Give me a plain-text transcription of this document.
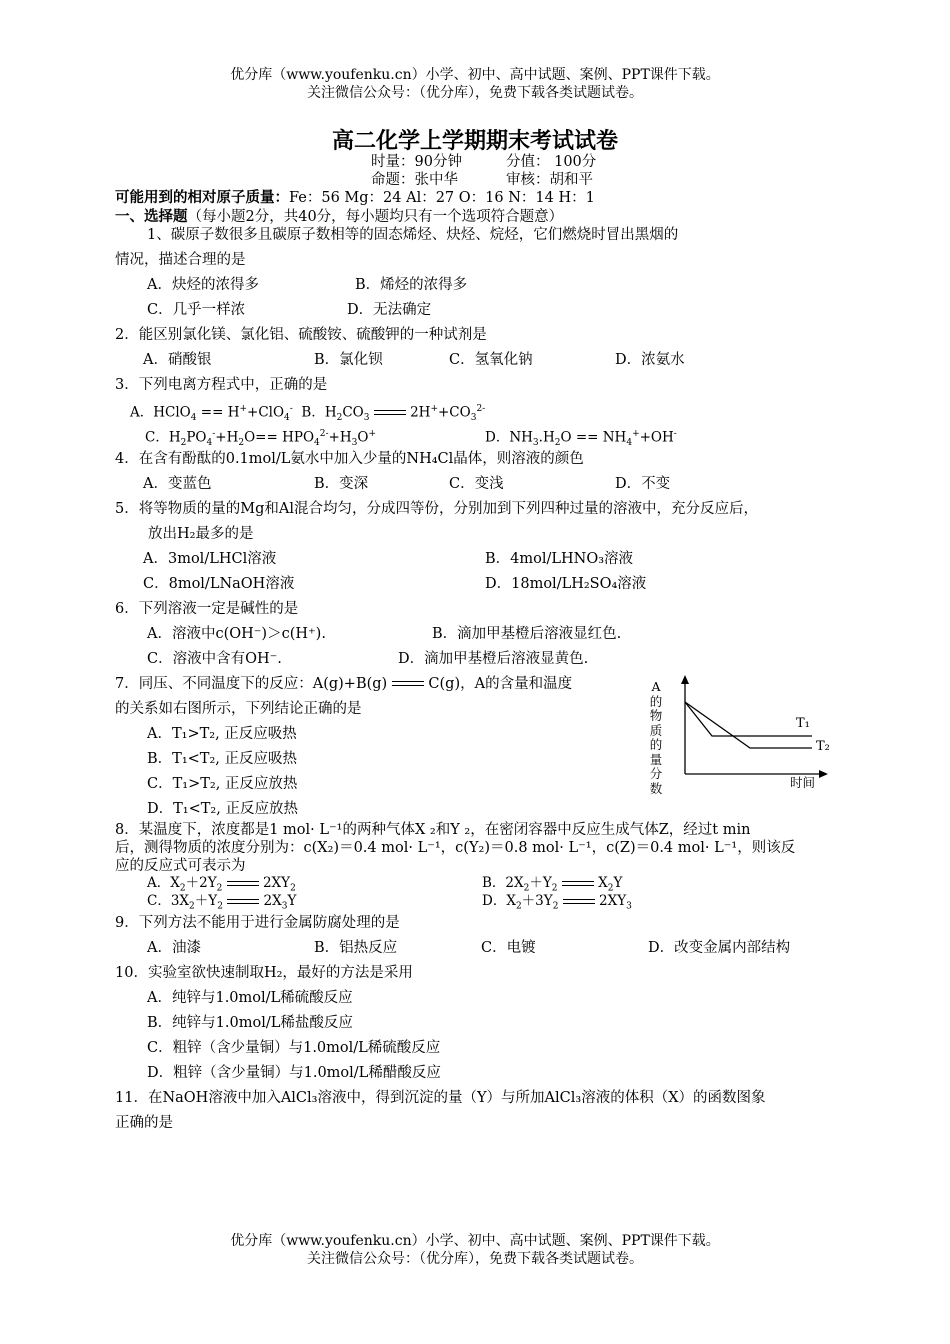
优分库（www.youfenku.cn）小学、初中、高中试题、案例、PPT课件下载。
关注微信公众号：（优分库），免费下载各类试题试卷。
高二化学上学期期末考试试卷
时量：90分钟	分值： 100分
命题：张中华	审核：胡和平
可能用到的相对原子质量：Fe：56 Mg：24 Al：27 O：16 N：14 H：1
一、选择题（每小题2分，共40分，每小题均只有一个选项符合题意）
1、碳原子数很多且碳原子数相等的固态烯烃、炔烃、烷烃，它们燃烧时冒出黑烟的
情况，描述合理的是
A．炔烃的浓得多	B．烯烃的浓得多
C．几乎一样浓	D．无法确定
2．能区别氯化镁、氯化铝、硫酸铵、硫酸钾的一种试剂是
A．硝酸银	B．氯化钡	C．氢氧化钠	D．浓氨水
3．下列电离方程式中，正确的是
A．HClO$_4$ == H++ClO$_4$-  B．$H_2CO_3$	$2H^++CO_3^{2-}$
C．$H_2PO_4^-+H_2O== HPO_4^{2-}+H_3O^+$	D．$NH_3.H_2O == NH_4^++OH^-$
4．在含有酚酞的0.1mol/L氨水中加入少量的NH₄Cl晶体，则溶液的颜色
A．变蓝色	B．变深	C．变浅	D．不变
5．将等物质的量的Mg和Al混合均匀，分成四等份，分别加到下列四种过量的溶液中，充分反应后，
放出H₂最多的是
A．3mol/LHCl溶液	B．4mol/LHNO₃溶液
C．8mol/LNaOH溶液	D．18mol/LH₂SO₄溶液
6．下列溶液一定是碱性的是
A．溶液中c(OH⁻)＞c(H⁺).	B．滴加甲基橙后溶液显红色.
C．溶液中含有OH⁻.	D．滴加甲基橙后溶液显黄色.
7．同压、不同温度下的反应：A(g)+B(g)  C(g)，A的含量和温度
的关系如右图所示，下列结论正确的是
A．T₁>T₂, 正反应吸热
B．T₁<T₂, 正反应吸热
C．T₁>T₂, 正反应放热
D．T₁<T₂, 正反应放热
A
的
物
质
的
量
分
数
T₁
T₂
时间
8．某温度下，浓度都是1 mol· L⁻¹的两种气体X ₂和Y ₂，在密闭容器中反应生成气体Z，经过t min
后，测得物质的浓度分别为：c(X₂)＝0.4 mol· L⁻¹，c(Y₂)＝0.8 mol· L⁻¹，c(Z)＝0.4 mol· L⁻¹，则该反
应的反应式可表示为
A．$X_2+2Y_2$	$2XY_2$	B．$2X_2+Y_2$	$X_2Y$
C．$3X_2+Y_2$	$2X_3Y$	D．$X_2+3Y_2$	$2XY_3$
9．下列方法不能用于进行金属防腐处理的是
A．油漆	B．铝热反应	C．电镀	D．改变金属内部结构
10．实验室欲快速制取H₂，最好的方法是采用
A．纯锌与1.0mol/L稀硫酸反应
B．纯锌与1.0mol/L稀盐酸反应
C．粗锌（含少量铜）与1.0mol/L稀硫酸反应
D．粗锌（含少量铜）与1.0mol/L稀醋酸反应
11．在NaOH溶液中加入AlCl₃溶液中，得到沉淀的量（Y）与所加AlCl₃溶液的体积（X）的函数图象
正确的是
优分库（www.youfenku.cn）小学、初中、高中试题、案例、PPT课件下载。
关注微信公众号：（优分库），免费下载各类试题试卷。
